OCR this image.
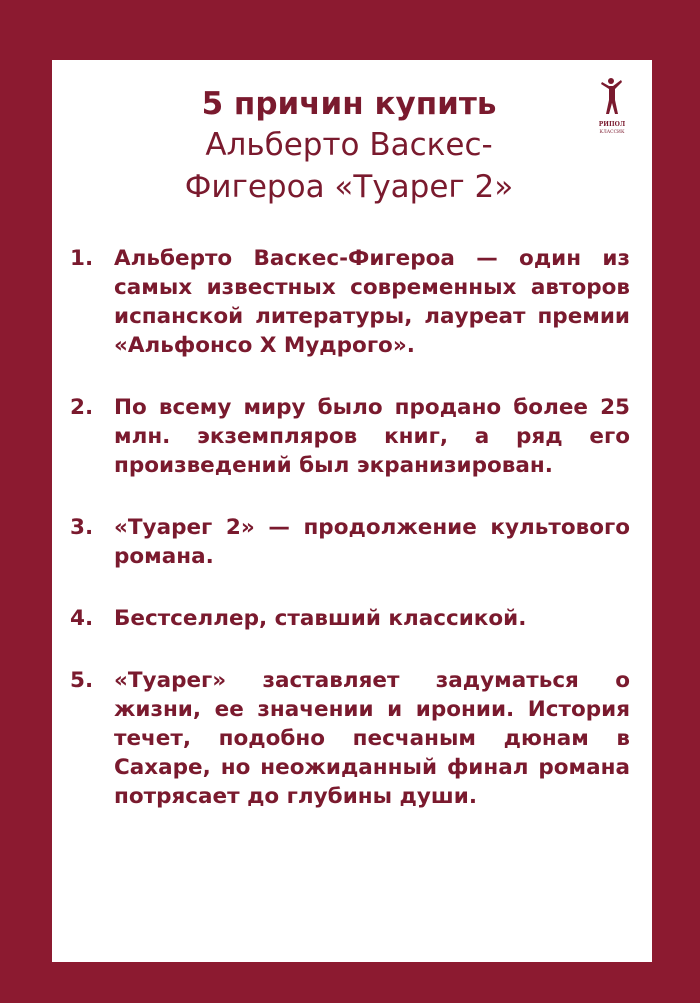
5 причин купить
Альберто Васкес-
Фигероа «Туарег 2»
РИПОЛ
КЛАССИК
1. Альберто Васкес-Фигероа — один из самых известных современных авторов испанской литературы, лауреат премии «Альфонсо Х Мудрого».
2. По всему миру было продано более 25 млн. экземпляров книг, а ряд его произведений был экранизирован.
3. «Туарег 2» — продолжение культового романа.
4. Бестселлер, ставший классикой.
5. «Туарег» заставляет задуматься о жизни, ее значении и иронии. История течет, подобно песчаным дюнам в Сахаре, но неожиданный финал романа потрясает до глубины души.
